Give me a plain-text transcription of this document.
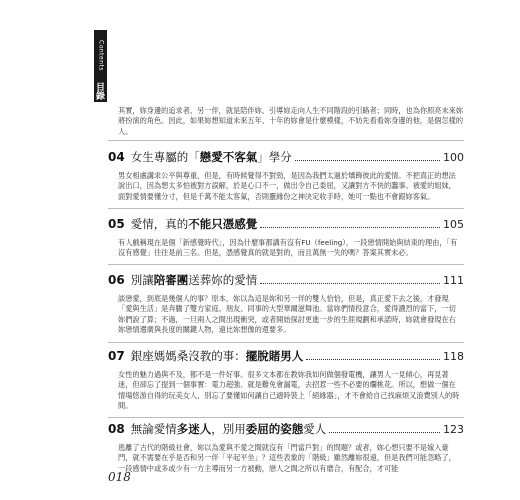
Contents
目錄

其實，妳身邊的追求者、另一伴，就是陪伴妳、引導妳走向人生不同階段的引路者；同時，也為你照亮未來妳將扮演的角色。因此，如果妳想知道未來五年、十年的妳會是什麼模樣，不妨先看看妳身邊的他，是個怎樣的人。

04 女生專屬的「 戀愛不客氣 」學分	100

男女相處講求公平與尊重，但是，有時候覺得不對勁，是因為我們太過於矯飾彼此的愛情。不把真正的想法說出口，因為想太多怕被對方誤解，於是心口不一，做出令自己委屈，又讓對方不快的蠢事。被愛的姐妹，面對愛情要懂分寸，但是千萬不能太客氣，否則靈緣份之神決定收手時，她可一點也不會跟妳客氣。

05 愛情，真的 不能只憑感覺	105

有人戲稱現在是個「新感覺時代」，因為什麼事都講有沒有FU（feeling），一段戀情開始與結束的理由，「有沒有感覺」往往是前三名。但是，憑感覺真的就是對的，而且萬無一失的嗎？答案其實未必。

06 別讓 陪審團 送葬妳的愛情	111

談戀愛，到底是幾個人的事？原本，妳以為這是妳和另一伴的雙人恰恰，但是，真正愛下去之後，才發現「愛與生活」是奔騰了雙方家庭、朋友、同事的大型華爾滋舞池。當妳們情投意合，愛得濃烈的當下，一切妳們說了算；不過，一旦兩人之間出現衝突，或者開始探討更進一步的生涯規劃和承諾時，妳就會發現在右妳戀情遺廣與長度的關鍵人物，遠比妳想像的還要多。

07 銀座媽媽桑沒教的事： 擺脫賭男人	118

女性的魅力過與不及，都不是一件好事。很多文本都在教妳我如何做個發電機，讓男人一見傾心，再見著迷，但卻忘了提到一個事實：電力超強、就是難免會漏電，去招惹一些不必要的爛桃花。所以，想做一個在情場悠游自得的玩美女人，別忘了要懂如何讓自己適時裝上「絕緣器」，才不會給自己找麻煩又浪費別人的時間。

08 無論愛情 多迷人 ，別用 委屈的姿態 愛人	123

逃離了古代的階級社會，妳以為愛與不愛之間就沒有「門當戶對」的問題？或者，妳心想只要不是嫁入豪門，就不需要在乎是否和另一伴「平起平坐」？這些表象的「階級」雖然離妳很遠，但是我們可能忽略了，一段感情中或多或少有一方主導而另一方被動，戀人之間之所以有磨合，有配合，才可能

018
